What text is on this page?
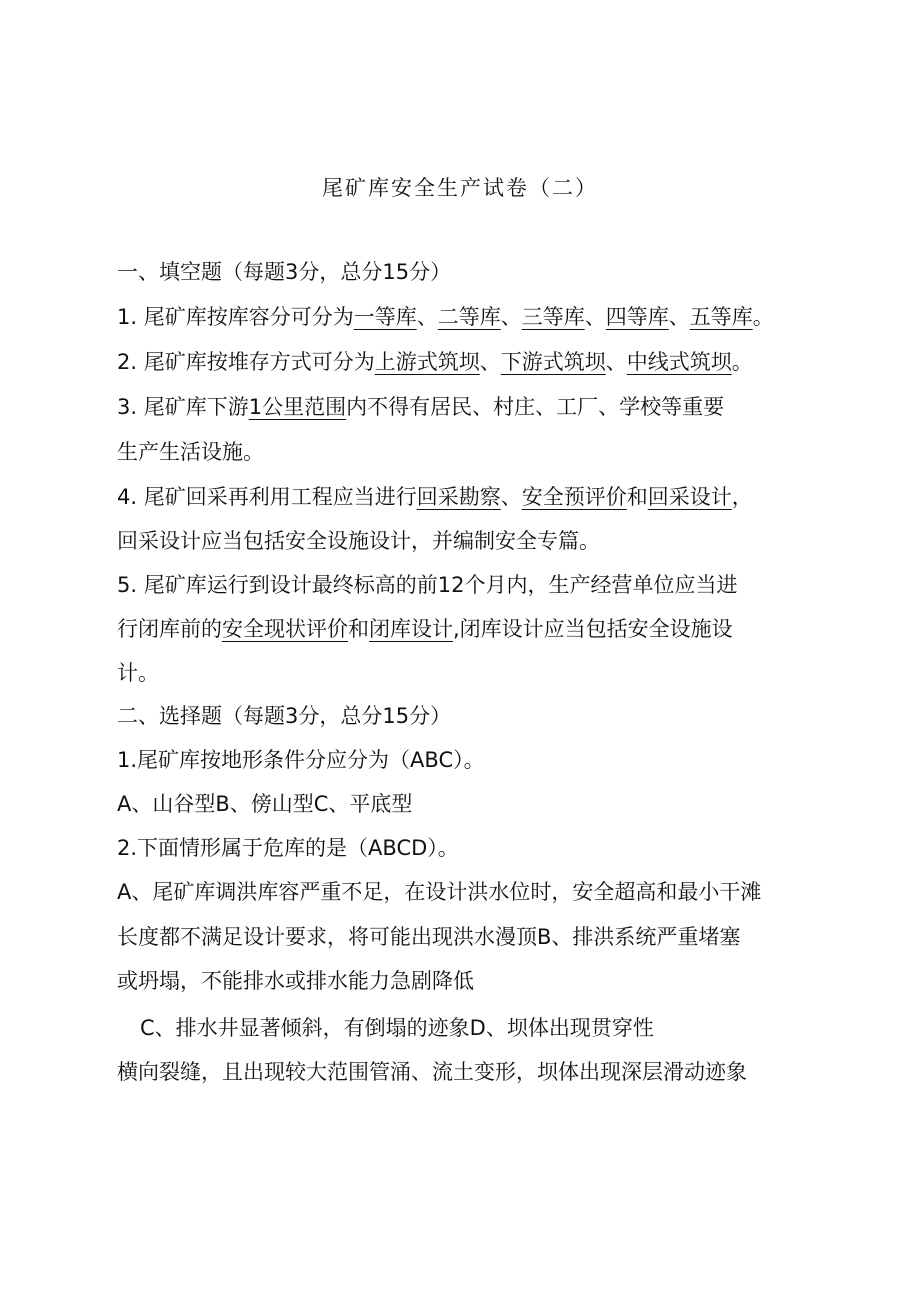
尾矿库安全生产试卷（二）
一、填空题（每题3分，总分15分）
1. 尾矿库按库容分可分为一等库、二等库、三等库、四等库、五等库。
2. 尾矿库按堆存方式可分为上游式筑坝、下游式筑坝、中线式筑坝。
3. 尾矿库下游1公里范围内不得有居民、村庄、工厂、学校等重要
生产生活设施。
4. 尾矿回采再利用工程应当进行回采勘察、安全预评价和回采设计，
回采设计应当包括安全设施设计，并编制安全专篇。
5. 尾矿库运行到设计最终标高的前12个月内，生产经营单位应当进
行闭库前的安全现状评价和闭库设计,闭库设计应当包括安全设施设
计。
二、选择题（每题3分，总分15分）
1.尾矿库按地形条件分应分为（ABC）。
A、山谷型B、傍山型C、平底型
2.下面情形属于危库的是（ABCD）。
A、尾矿库调洪库容严重不足，在设计洪水位时，安全超高和最小干滩
长度都不满足设计要求，将可能出现洪水漫顶B、排洪系统严重堵塞
或坍塌，不能排水或排水能力急剧降低
C、排水井显著倾斜，有倒塌的迹象D、坝体出现贯穿性
横向裂缝，且出现较大范围管涌、流土变形，坝体出现深层滑动迹象
